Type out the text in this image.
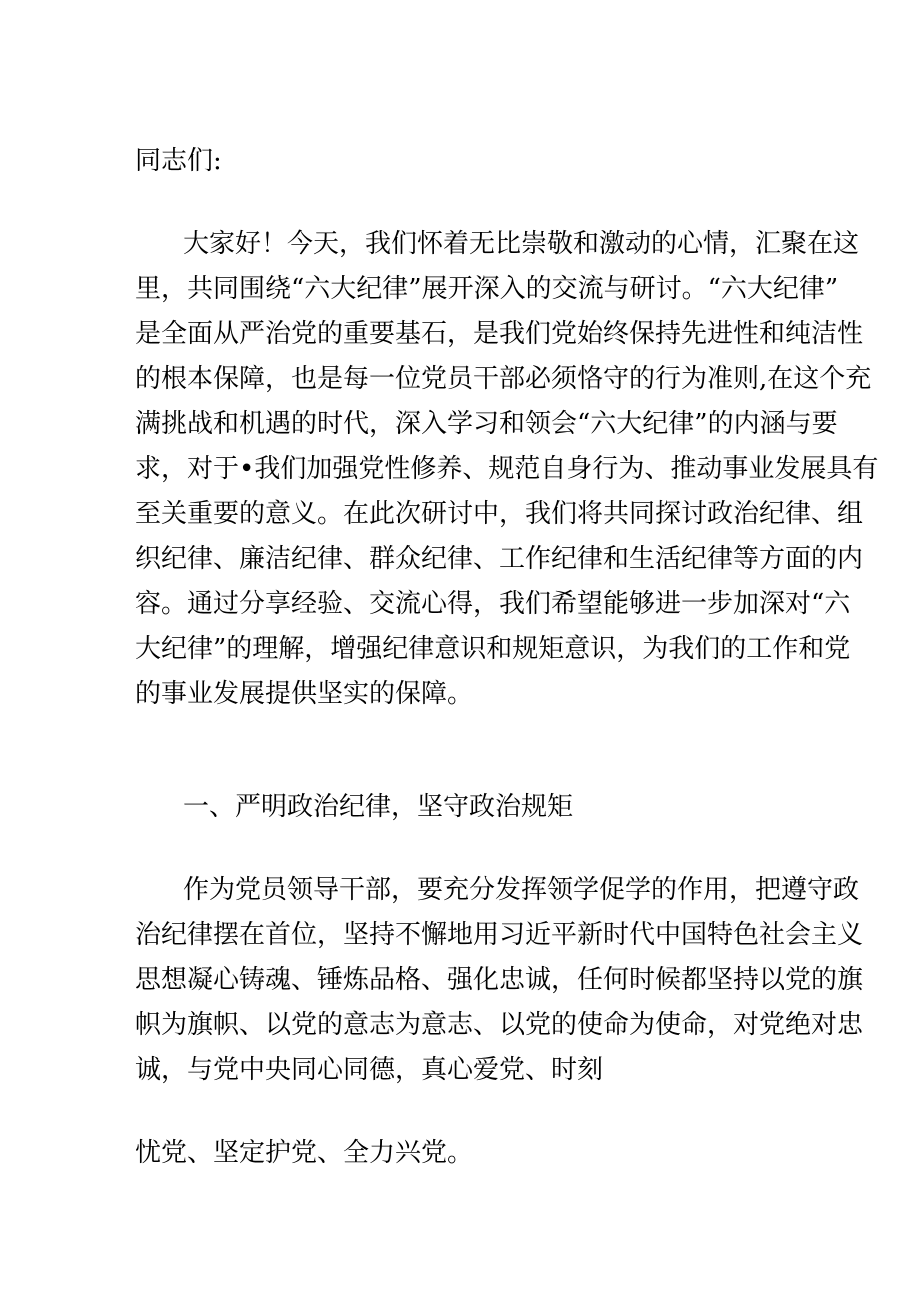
同志们:
大家好！今天，我们怀着无比崇敬和激动的心情，汇聚在这
里，共同围绕“六大纪律”展开深入的交流与研讨。“六大纪律”
是全面从严治党的重要基石，是我们党始终保持先进性和纯洁性
的根本保障，也是每一位党员干部必须恪守的行为准则,在这个充
满挑战和机遇的时代，深入学习和领会“六大纪律”的内涵与要
求，对于•我们加强党性修养、规范自身行为、推动事业发展具有
至关重要的意义。在此次研讨中，我们将共同探讨政治纪律、组
织纪律、廉洁纪律、群众纪律、工作纪律和生活纪律等方面的内
容。通过分享经验、交流心得，我们希望能够进一步加深对“六
大纪律”的理解，增强纪律意识和规矩意识，为我们的工作和党
的事业发展提供坚实的保障。
一、严明政治纪律，坚守政治规矩
作为党员领导干部，要充分发挥领学促学的作用，把遵守政
治纪律摆在首位，坚持不懈地用习近平新时代中国特色社会主义
思想凝心铸魂、锤炼品格、强化忠诚，任何时候都坚持以党的旗
帜为旗帜、以党的意志为意志、以党的使命为使命，对党绝对忠
诚，与党中央同心同德，真心爱党、时刻
忧党、坚定护党、全力兴党。
